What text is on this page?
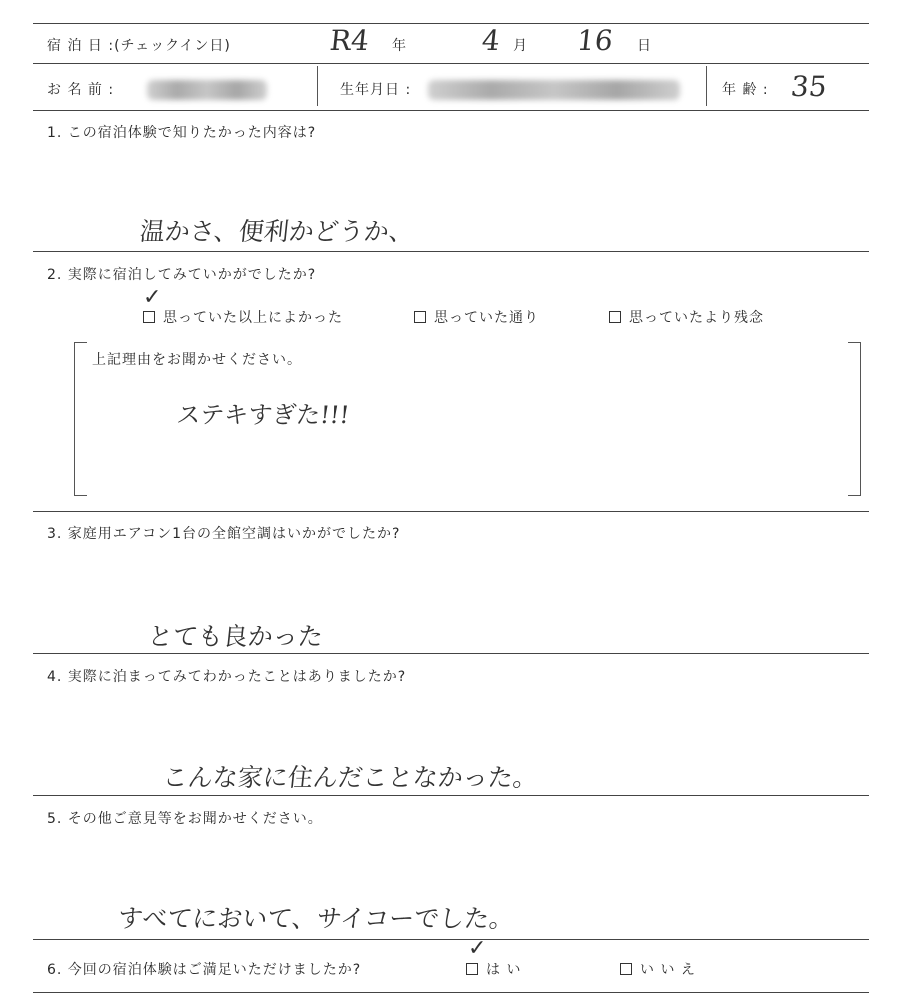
宿 泊 日 :(チェックイン日)	R4 年	4 月 16 日
お 名 前 :	生年月日 :	年 齢 : 35
1. この宿泊体験で知りたかった内容は?
温かさ、便利かどうか、
2. 実際に宿泊してみていかがでしたか?
思っていた以上によかった
✓
思っていた通り	思っていたより残念
上記理由をお聞かせください。
ステキすぎた!!!
3. 家庭用エアコン1台の全館空調はいかがでしたか?
とても良かった
4. 実際に泊まってみてわかったことはありましたか?
こんな家に住んだことなかった。
5. その他ご意見等をお聞かせください。
すべてにおいて、サイコーでした。
6. 今回の宿泊体験はご満足いただけましたか?	は い
✓
い い え
